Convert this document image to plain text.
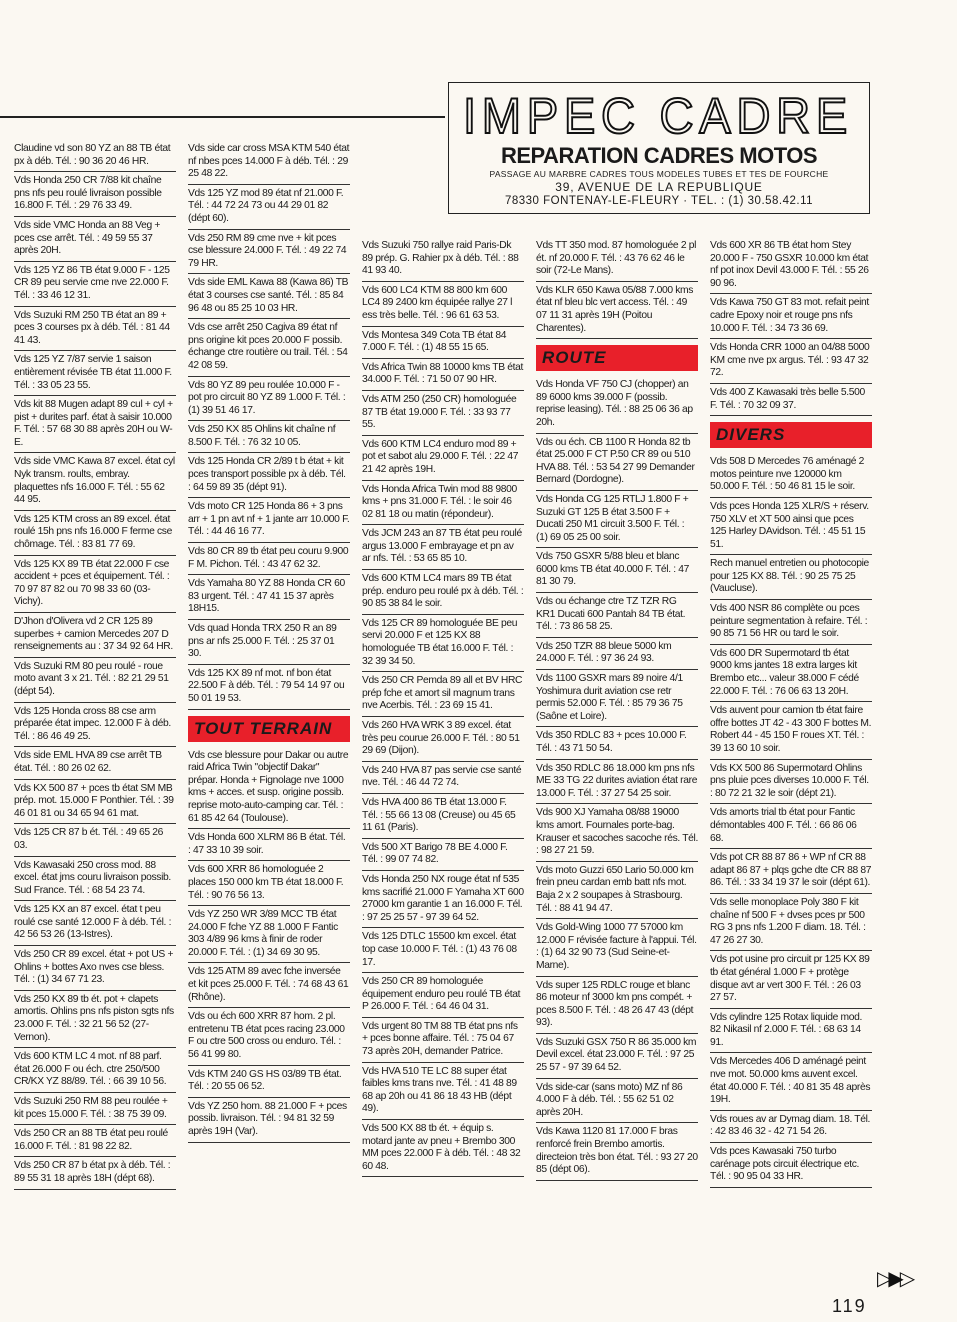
IMPEC CADRE
REPARATION CADRES MOTOS
PASSAGE AU MARBRE CADRES TOUS MODELES TUBES ET TES DE FOURCHE
39, AVENUE DE LA REPUBLIQUE
78330 FONTENAY-LE-FLEURY · TEL. : (1) 30.58.42.11
Claudine vd son 80 YZ an 88 TB état px à déb. Tél. : 90 36 20 46 HR.
Vds Honda 250 CR 7/88 kit chaîne pns nfs peu roulé livraison possible 16.800 F. Tél. : 29 76 33 49.
Vds side VMC Honda an 88 Veg + pces cse arrêt. Tél. : 49 59 55 37 après 20H.
Vds 125 YZ 86 TB état 9.000 F - 125 CR 89 peu servie cme nve 22.000 F. Tél. : 33 46 12 31.
Vds Suzuki RM 250 TB état an 89 + pces 3 courses px à déb. Tél. : 81 44 41 43.
Vds 125 YZ 7/87 servie 1 saison entièrement révisée TB état 11.000 F. Tél. : 33 05 23 55.
Vds kit 88 Mugen adapt 89 cul + cyl + pist + durites parf. état à saisir 10.000 F. Tél. : 57 68 30 88 après 20H ou W-E.
Vds side VMC Kawa 87 excel. état cyl Nyk transm. roults, embray. plaquettes nfs 16.000 F. Tél. : 55 62 44 95.
Vds 125 KTM cross an 89 excel. état roulé 15h pns nfs 16.000 F ferme cse chômage. Tél. : 83 81 77 69.
Vds 125 KX 89 TB état 22.000 F cse accident + pces et équipement. Tél. : 70 97 87 82 ou 70 98 33 60 (03-Vichy).
D'Jhon d'Olivera vd 2 CR 125 89 superbes + camion Mercedes 207 D renseignements au : 37 34 92 64 HR.
Vds Suzuki RM 80 peu roulé - roue moto avant 3 x 21. Tél. : 82 21 29 51 (dépt 54).
Vds 125 Honda cross 88 cse arm préparée état impec. 12.000 F à déb. Tél. : 86 46 49 25.
Vds side EML HVA 89 cse arrêt TB état. Tél. : 80 26 02 62.
Vds KX 500 87 + pces tb état SM MB prép. mot. 15.000 F Ponthier. Tél. : 39 46 01 81 ou 34 65 94 61 mat.
Vds 125 CR 87 b ét. Tél. : 49 65 26 03.
Vds Kawasaki 250 cross mod. 88 excel. état jms couru livraison possib. Sud France. Tél. : 68 54 23 74.
Vds 125 KX an 87 excel. état t peu roulé cse santé 12.000 F à déb. Tél. : 42 56 53 26 (13-Istres).
Vds 250 CR 89 excel. état + pot US + Ohlins + bottes Axo nves cse bless. Tél. : (1) 34 67 71 23.
Vds 250 KX 89 tb ét. pot + clapets amortis. Ohlins pns nfs piston sgts nfs 23.000 F. Tél. : 32 21 56 52 (27-Vernon).
Vds 600 KTM LC 4 mot. nf 88 parf. état 26.000 F ou éch. ctre 250/500 CR/KX YZ 88/89. Tél. : 66 39 10 56.
Vds Suzuki 250 RM 88 peu roulée + kit pces 15.000 F. Tél. : 38 75 39 09.
Vds 250 CR an 88 TB état peu roulé 16.000 F. Tél. : 81 98 22 82.
Vds 250 CR 87 b état px à déb. Tél. : 89 55 31 18 après 18H (dépt 68).
Vds side car cross MSA KTM 540 état nf nbes pces 14.000 F à déb. Tél. : 29 25 48 22.
Vds 125 YZ mod 89 état nf 21.000 F. Tél. : 44 72 24 73 ou 44 29 01 82 (dépt 60).
Vds 250 RM 89 cme nve + kit pces cse blessure 24.000 F. Tél. : 49 22 74 79 HR.
Vds side EML Kawa 88 (Kawa 86) TB état 3 courses cse santé. Tél. : 85 84 96 48 ou 85 25 10 03 HR.
Vds cse arrêt 250 Cagiva 89 état nf pns origine kit pces 20.000 F possib. échange ctre routière ou trail. Tél. : 54 42 08 59.
Vds 80 YZ 89 peu roulée 10.000 F - pot pro circuit 80 YZ 89 1.000 F. Tél. : (1) 39 51 46 17.
Vds 250 KX 85 Ohlins kit chaîne nf 8.500 F. Tél. : 76 32 10 05.
Vds 125 Honda CR 2/89 t b état + kit pces transport possible px à déb. Tél. : 64 59 89 35 (dépt 91).
Vds moto CR 125 Honda 86 + 3 pns arr + 1 pn avt nf + 1 jante arr 10.000 F. Tél. : 44 46 16 77.
Vds 80 CR 89 tb état peu couru 9.900 F M. Pichon. Tél. : 43 47 62 32.
Vds Yamaha 80 YZ 88 Honda CR 60 83 urgent. Tél. : 47 41 15 37 après 18H15.
Vds quad Honda TRX 250 R an 89 pns ar nfs 25.000 F. Tél. : 25 37 01 30.
Vds 125 KX 89 nf mot. nf bon état 22.500 F à déb. Tél. : 79 54 14 97 ou 50 01 19 53.
TOUT TERRAIN
Vds cse blessure pour Dakar ou autre raid Africa Twin "objectif Dakar" prépar. Honda + Fignolage nve 1000 kms + acces. et susp. origine possib. reprise moto-auto-camping car. Tél. : 61 85 42 64 (Toulouse).
Vds Honda 600 XLRM 86 B état. Tél. : 47 33 10 39 soir.
Vds 600 XRR 86 homologuée 2 places 150 000 km TB état 18.000 F. Tél. : 90 76 56 13.
Vds YZ 250 WR 3/89 MCC TB état 24.000 F fche YZ 88 1.000 F Fantic 303 4/89 96 kms à finir de roder 20.000 F. Tél. : (1) 34 69 30 95.
Vds 125 ATM 89 avec fche inversée et kit pces 25.000 F. Tél. : 74 68 43 61 (Rhône).
Vds ou éch 600 XRR 87 hom. 2 pl. entretenu TB état pces racing 23.000 F ou ctre 500 cross ou enduro. Tél. : 56 41 99 80.
Vds KTM 240 GS HS 03/89 TB état. Tél. : 20 55 06 52.
Vds YZ 250 hom. 88 21.000 F + pces possib. livraison. Tél. : 94 81 32 59 après 19H (Var).
Vds Suzuki 750 rallye raid Paris-Dk 89 prép. G. Rahier px à déb. Tél. : 88 41 93 40.
Vds 600 LC4 KTM 88 800 km 600 LC4 89 2400 km équipée rallye 27 l ess très belle. Tél. : 96 61 63 53.
Vds Montesa 349 Cota TB état 84 7.000 F. Tél. : (1) 48 55 15 65.
Vds Africa Twin 88 10000 kms TB état 34.000 F. Tél. : 71 50 07 90 HR.
Vds ATM 250 (250 CR) homologuée 87 TB état 19.000 F. Tél. : 33 93 77 55.
Vds 600 KTM LC4 enduro mod 89 + pot et sabot alu 29.000 F. Tél. : 22 47 21 42 après 19H.
Vds Honda Africa Twin mod 88 9800 kms + pns 31.000 F. Tél. : le soir 46 02 81 18 ou matin (répondeur).
Vds JCM 243 an 87 TB état peu roulé argus 13.000 F embrayage et pn av ar nfs. Tél. : 53 65 85 10.
Vds 600 KTM LC4 mars 89 TB état prép. enduro peu roulé px à déb. Tél. : 90 85 38 84 le soir.
Vds 125 CR 89 homologuée BE peu servi 20.000 F et 125 KX 88 homologuée TB état 16.000 F. Tél. : 32 39 34 50.
Vds 250 CR Pemda 89 all et BV HRC prép fche et amort sil magnum trans nve Acerbis. Tél. : 23 69 15 41.
Vds 260 HVA WRK 3 89 excel. état très peu courue 26.000 F. Tél. : 80 51 29 69 (Dijon).
Vds 240 HVA 87 pas servie cse santé nve. Tél. : 46 44 72 74.
Vds HVA 400 86 TB état 13.000 F. Tél. : 55 66 13 08 (Creuse) ou 45 65 11 61 (Paris).
Vds 500 XT Barigo 78 BE 4.000 F. Tél. : 99 07 74 82.
Vds Honda 250 NX rouge état nf 535 kms sacrifié 21.000 F Yamaha XT 600 27000 km garantie 1 an 16.000 F. Tél. : 97 25 25 57 - 97 39 64 52.
Vds 125 DTLC 15500 km excel. état top case 10.000 F. Tél. : (1) 43 76 08 17.
Vds 250 CR 89 homologuée équipement enduro peu roulé TB état P 26.000 F. Tél. : 64 46 04 31.
Vds urgent 80 TM 88 TB état pns nfs + pces bonne affaire. Tél. : 75 04 67 73 après 20H, demander Patrice.
Vds HVA 510 TE LC 88 super état faibles kms trans nve. Tél. : 41 48 89 68 ap 20h ou 41 86 18 43 HB (dépt 49).
Vds 500 KX 88 tb ét. + équip s. motard jante av pneu + Brembo 300 MM pces 22.000 F à déb. Tél. : 48 32 60 48.
Vds TT 350 mod. 87 homologuée 2 pl ét. nf 20.000 F. Tél. : 43 76 62 46 le soir (72-Le Mans).
Vds KLR 650 Kawa 05/88 7.000 kms état nf bleu blc vert access. Tél. : 49 07 11 31 après 19H (Poitou Charentes).
ROUTE
Vds Honda VF 750 CJ (chopper) an 89 6000 kms 39.000 F (possib. reprise leasing). Tél. : 88 25 06 36 ap 20h.
Vds ou éch. CB 1100 R Honda 82 tb état 25.000 F CT P.50 CR 89 ou 510 HVA 88. Tél. : 53 54 27 99 Demander Bernard (Dordogne).
Vds Honda CG 125 RTLJ 1.800 F + Suzuki GT 125 B état 3.500 F + Ducati 250 M1 circuit 3.500 F. Tél. : (1) 69 05 25 00 soir.
Vds 750 GSXR 5/88 bleu et blanc 6000 kms TB état 40.000 F. Tél. : 47 81 30 79.
Vds ou échange ctre TZ TZR RG KR1 Ducati 600 Pantah 84 TB état. Tél. : 73 86 58 25.
Vds 250 TZR 88 bleue 5000 km 24.000 F. Tél. : 97 36 24 93.
Vds 1100 GSXR mars 89 noire 4/1 Yoshimura durit aviation cse retr permis 52.000 F. Tél. : 85 79 36 75 (Saône et Loire).
Vds 350 RDLC 83 + pces 10.000 F. Tél. : 43 71 50 54.
Vds 350 RDLC 86 18.000 km pns nfs ME 33 TG 22 durites aviation état rare 13.000 F. Tél. : 37 27 54 25 soir.
Vds 900 XJ Yamaha 08/88 19000 kms amort. Fournales porte-bag. Krauser et sacoches sacoche rés. Tél. : 98 27 21 59.
Vds moto Guzzi 650 Lario 50.000 km frein pneu cardan emb batt nfs mot. Baja 2 x 2 soupapes à Strasbourg. Tél. : 88 41 94 47.
Vds Gold-Wing 1000 77 57000 km 12.000 F révisée facture à l'appui. Tél. : (1) 64 32 90 73 (Sud Seine-et-Marne).
Vds super 125 RDLC rouge et blanc 86 moteur nf 3000 km pns compét. + pces 8.500 F. Tél. : 48 26 47 43 (dépt 93).
Vds Suzuki GSX 750 R 86 35.000 km Devil excel. état 23.000 F. Tél. : 97 25 25 57 - 97 39 64 52.
Vds side-car (sans moto) MZ nf 86 4.000 F à déb. Tél. : 55 62 51 02 après 20H.
Vds Kawa 1120 81 17.000 F bras renforcé frein Brembo amortis. directeion très bon état. Tél. : 93 27 20 85 (dépt 06).
Vds 600 XR 86 TB état hom Stey 20.000 F - 750 GSXR 10.000 km état nf pot inox Devil 43.000 F. Tél. : 55 26 90 96.
Vds Kawa 750 GT 83 mot. refait peint cadre Epoxy noir et rouge pns nfs 10.000 F. Tél. : 34 73 36 69.
Vds Honda CRR 1000 an 04/88 5000 KM cme nve px argus. Tél. : 93 47 32 72.
Vds 400 Z Kawasaki très belle 5.500 F. Tél. : 70 32 09 37.
DIVERS
Vds 508 D Mercedes 76 aménagé 2 motos peinture nve 120000 km 50.000 F. Tél. : 50 46 81 15 le soir.
Vds pces Honda 125 XLR/S + réserv. 750 XLV et XT 500 ainsi que pces 125 Harley DAvidson. Tél. : 45 51 15 51.
Rech manuel entretien ou photocopie pour 125 KX 88. Tél. : 90 25 75 25 (Vaucluse).
Vds 400 NSR 86 complète ou pces peinture segmentation à refaire. Tél. : 90 85 71 56 HR ou tard le soir.
Vds 600 DR Supermotard tb état 9000 kms jantes 18 extra larges kit Brembo etc... valeur 38.000 F cédé 22.000 F. Tél. : 76 06 63 13 20H.
Vds auvent pour camion tb état faire offre bottes JT 42 - 43 300 F bottes M. Robert 44 - 45 150 F roues XT. Tél. : 39 13 60 10 soir.
Vds KX 500 86 Supermotard Ohlins pns pluie pces diverses 10.000 F. Tél. : 80 72 21 32 le soir (dépt 21).
Vds amorts trial tb état pour Fantic démontables 400 F. Tél. : 66 86 06 68.
Vds pot CR 88 87 86 + WP nf CR 88 adapt 86 87 + plqs gche dte CR 88 87 86. Tél. : 33 34 19 37 le soir (dépt 61).
Vds selle monoplace Poly 380 F kit chaîne nf 500 F + dvses pces pr 500 RG 3 pns nfs 1.200 F diam. 18. Tél. : 47 26 27 30.
Vds pot usine pro circuit pr 125 KX 89 tb état général 1.000 F + protège disque avt ar vert 300 F. Tél. : 26 03 27 57.
Vds cylindre 125 Rotax liquide mod. 82 Nikasil nf 2.000 F. Tél. : 68 63 14 91.
Vds Mercedes 406 D aménagé peint nve mot. 50.000 kms auvent excel. état 40.000 F. Tél. : 40 81 35 48 après 19H.
Vds roues av ar Dymag diam. 18. Tél. : 42 83 46 32 - 42 71 54 26.
Vds pces Kawasaki 750 turbo carénage pots circuit électrique etc. Tél. : 90 95 04 33 HR.
▷▶▷
119
